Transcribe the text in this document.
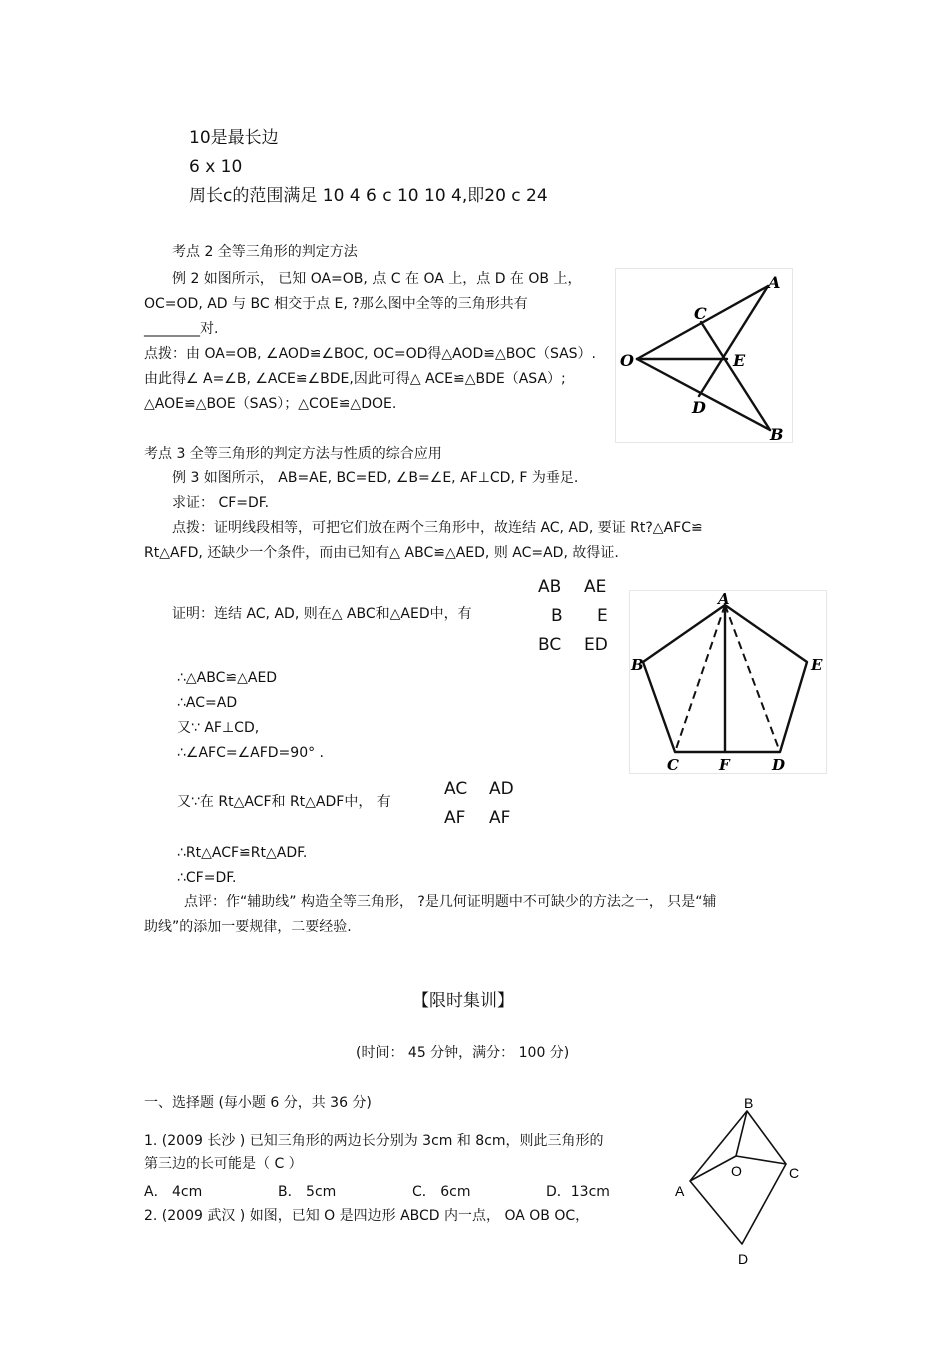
10是最长边
6 x 10
周长c的范围满足 10 4 6 c 10 10 4,即20 c 24
考点 2 全等三角形的判定方法
例 2 如图所示， 已知 OA=OB, 点 C 在 OA 上，点 D 在 OB 上，
OC=OD, AD 与 BC 相交于点 E, ?那么图中全等的三角形共有
________对.
点拨：由 OA=OB, ∠AOD≌∠BOC, OC=OD得△AOD≌△BOC（SAS）.
由此得∠ A=∠B, ∠ACE≌∠BDE,因此可得△ ACE≌△BDE（ASA）;
△AOE≌△BOE（SAS）；△COE≌△DOE.
A
C
O	E
D
B
考点 3 全等三角形的判定方法与性质的综合应用
例 3 如图所示， AB=AE, BC=ED, ∠B=∠E, AF⊥CD, F 为垂足.
求证： CF=DF.
点拨：证明线段相等，可把它们放在两个三角形中，故连结 AC, AD, 要证 Rt?△AFC≌
Rt△AFD, 还缺少一个条件，而由已知有△ ABC≌△AED, 则 AC=AD, 故得证.
证明：连结 AC, AD, 则在△ ABC和△AED中，有
AB AE
B E
BC ED
∴△ABC≌△AED
∴AC=AD
又∵ AF⊥CD,
∴∠AFC=∠AFD=90° .
又∵在 Rt△ACF和 Rt△ADF中， 有
AC AD
AF AF
∴Rt△ACF≌Rt△ADF.
∴CF=DF.
点评：作“辅助线” 构造全等三角形， ?是几何证明题中不可缺少的方法之一， 只是“辅
助线”的添加一要规律，二要经验.
A
B	E
C	F	D
【限时集训】
(时间： 45 分钟，满分： 100 分)
一、选择题 (每小题 6 分，共 36 分)
1. (2009 长沙 ) 已知三角形的两边长分别为 3cm 和 8cm，则此三角形的
第三边的长可能是（ C ）
A． 4cm	B． 5cm	C． 6cm	D．13cm
2. (2009 武汉 ) 如图，已知 O 是四边形 ABCD 内一点， OA OB OC，
B
O	C
A
D
